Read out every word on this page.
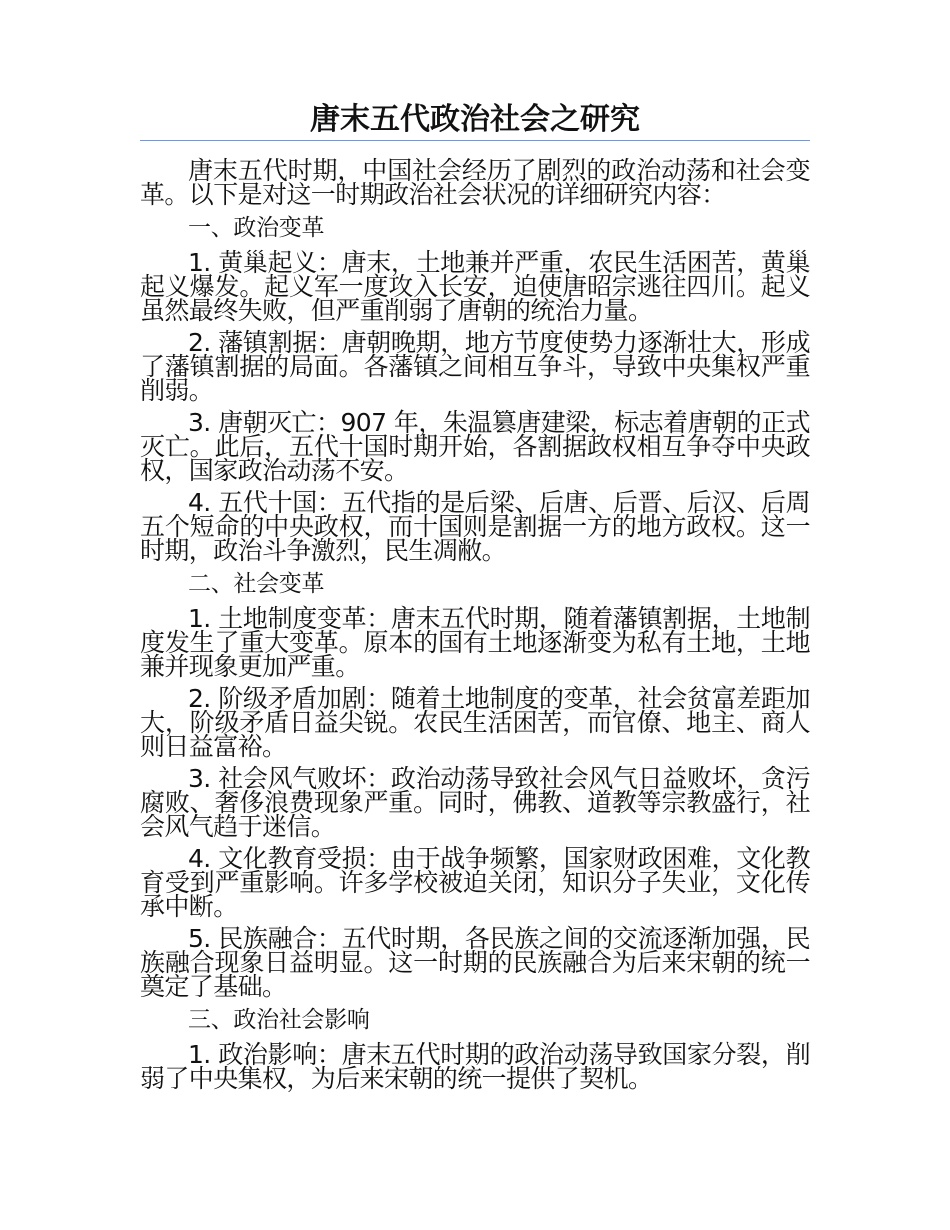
唐末五代政治社会之研究

唐末五代时期，中国社会经历了剧烈的政治动荡和社会变革。以下是对这一时期政治社会状况的详细研究内容：

一、政治变革

1. 黄巢起义：唐末，土地兼并严重，农民生活困苦，黄巢起义爆发。起义军一度攻入长安，迫使唐昭宗逃往四川。起义虽然最终失败，但严重削弱了唐朝的统治力量。

2. 藩镇割据：唐朝晚期，地方节度使势力逐渐壮大，形成了藩镇割据的局面。各藩镇之间相互争斗，导致中央集权严重削弱。

3. 唐朝灭亡：907 年，朱温篡唐建梁，标志着唐朝的正式灭亡。此后，五代十国时期开始，各割据政权相互争夺中央政权，国家政治动荡不安。

4. 五代十国：五代指的是后梁、后唐、后晋、后汉、后周五个短命的中央政权，而十国则是割据一方的地方政权。这一时期，政治斗争激烈，民生凋敝。

二、社会变革

1. 土地制度变革：唐末五代时期，随着藩镇割据，土地制度发生了重大变革。原本的国有土地逐渐变为私有土地，土地兼并现象更加严重。

2. 阶级矛盾加剧：随着土地制度的变革，社会贫富差距加大，阶级矛盾日益尖锐。农民生活困苦，而官僚、地主、商人则日益富裕。

3. 社会风气败坏：政治动荡导致社会风气日益败坏，贪污腐败、奢侈浪费现象严重。同时，佛教、道教等宗教盛行，社会风气趋于迷信。

4. 文化教育受损：由于战争频繁，国家财政困难，文化教育受到严重影响。许多学校被迫关闭，知识分子失业，文化传承中断。

5. 民族融合：五代时期，各民族之间的交流逐渐加强，民族融合现象日益明显。这一时期的民族融合为后来宋朝的统一奠定了基础。

三、政治社会影响

1. 政治影响：唐末五代时期的政治动荡导致国家分裂，削弱了中央集权，为后来宋朝的统一提供了契机。
